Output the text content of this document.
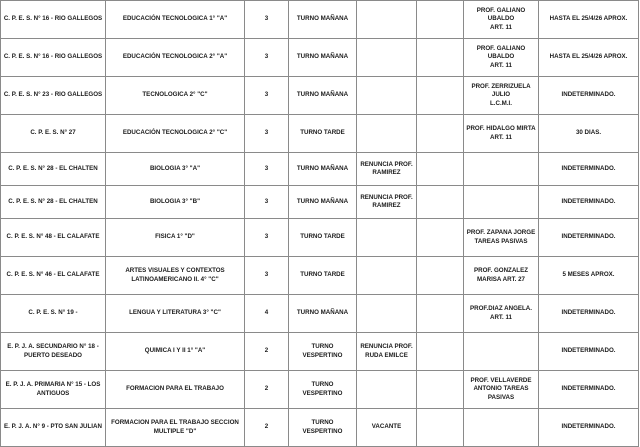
C. P. E. S. N° 16 - RIO GALLEGOS	EDUCACIÓN TECNOLOGICA 1° "A"	3	TURNO MAÑANA			PROF. GALIANO UBALDO
ART. 11	HASTA EL 25/4/26 APROX.

C. P. E. S. N° 16 - RIO GALLEGOS	EDUCACIÓN TECNOLOGICA 2° "A"	3	TURNO MAÑANA			PROF. GALIANO UBALDO
ART. 11	HASTA EL 25/4/26 APROX.

C. P. E. S. N° 23 - RIO GALLEGOS	TECNOLOGICA 2° "C"	3	TURNO MAÑANA			PROF. ZERRIZUELA JULIO
L.C.M.I.	INDETERMINADO.

C. P. E. S. N° 27	EDUCACIÓN TECNOLOGICA 2° "C"	3	TURNO TARDE			PROF. HIDALGO MIRTA
ART. 11	30 DIAS.

C. P. E. S. N° 28 - EL CHALTEN	BIOLOGIA 3° "A"	3	TURNO MAÑANA	RENUNCIA PROF.
RAMIREZ			INDETERMINADO.

C. P. E. S. N° 28 - EL CHALTEN	BIOLOGIA 3° "B"	3	TURNO MAÑANA	RENUNCIA PROF.
RAMIREZ			INDETERMINADO.

C. P. E. S. N° 48 - EL CALAFATE	FISICA 1° "D"	3	TURNO TARDE			PROF. ZAPANA JORGE
TAREAS PASIVAS	INDETERMINADO.

C. P. E. S. N° 46 - EL CALAFATE	ARTES VISUALES Y CONTEXTOS
LATINOAMERICANO II. 4° "C"	3	TURNO TARDE			PROF. GONZALEZ
MARISA ART. 27	5 MESES APROX.

C. P. E. S. N° 19 -	LENGUA Y LITERATURA 3° "C"	4	TURNO MAÑANA			PROF.DIAZ ANGELA.
ART. 11	INDETERMINADO.

E. P. J. A. SECUNDARIO N° 18 -
PUERTO DESEADO	QUIMICA I Y II 1° "A"	2	TURNO VESPERTINO	RENUNCIA PROF.
RUDA EMILCE			INDETERMINADO.

E. P. J. A. PRIMARIA N° 15 - LOS
ANTIGUOS	FORMACION PARA EL TRABAJO	2	TURNO VESPERTINO			PROF. VELLAVERDE
ANTONIO TAREAS
PASIVAS	INDETERMINADO.

E. P. J. A. N° 9 - PTO SAN JULIAN	FORMACION PARA EL TRABAJO SECCION
MULTIPLE "D"	2	TURNO VESPERTINO	VACANTE			INDETERMINADO.
